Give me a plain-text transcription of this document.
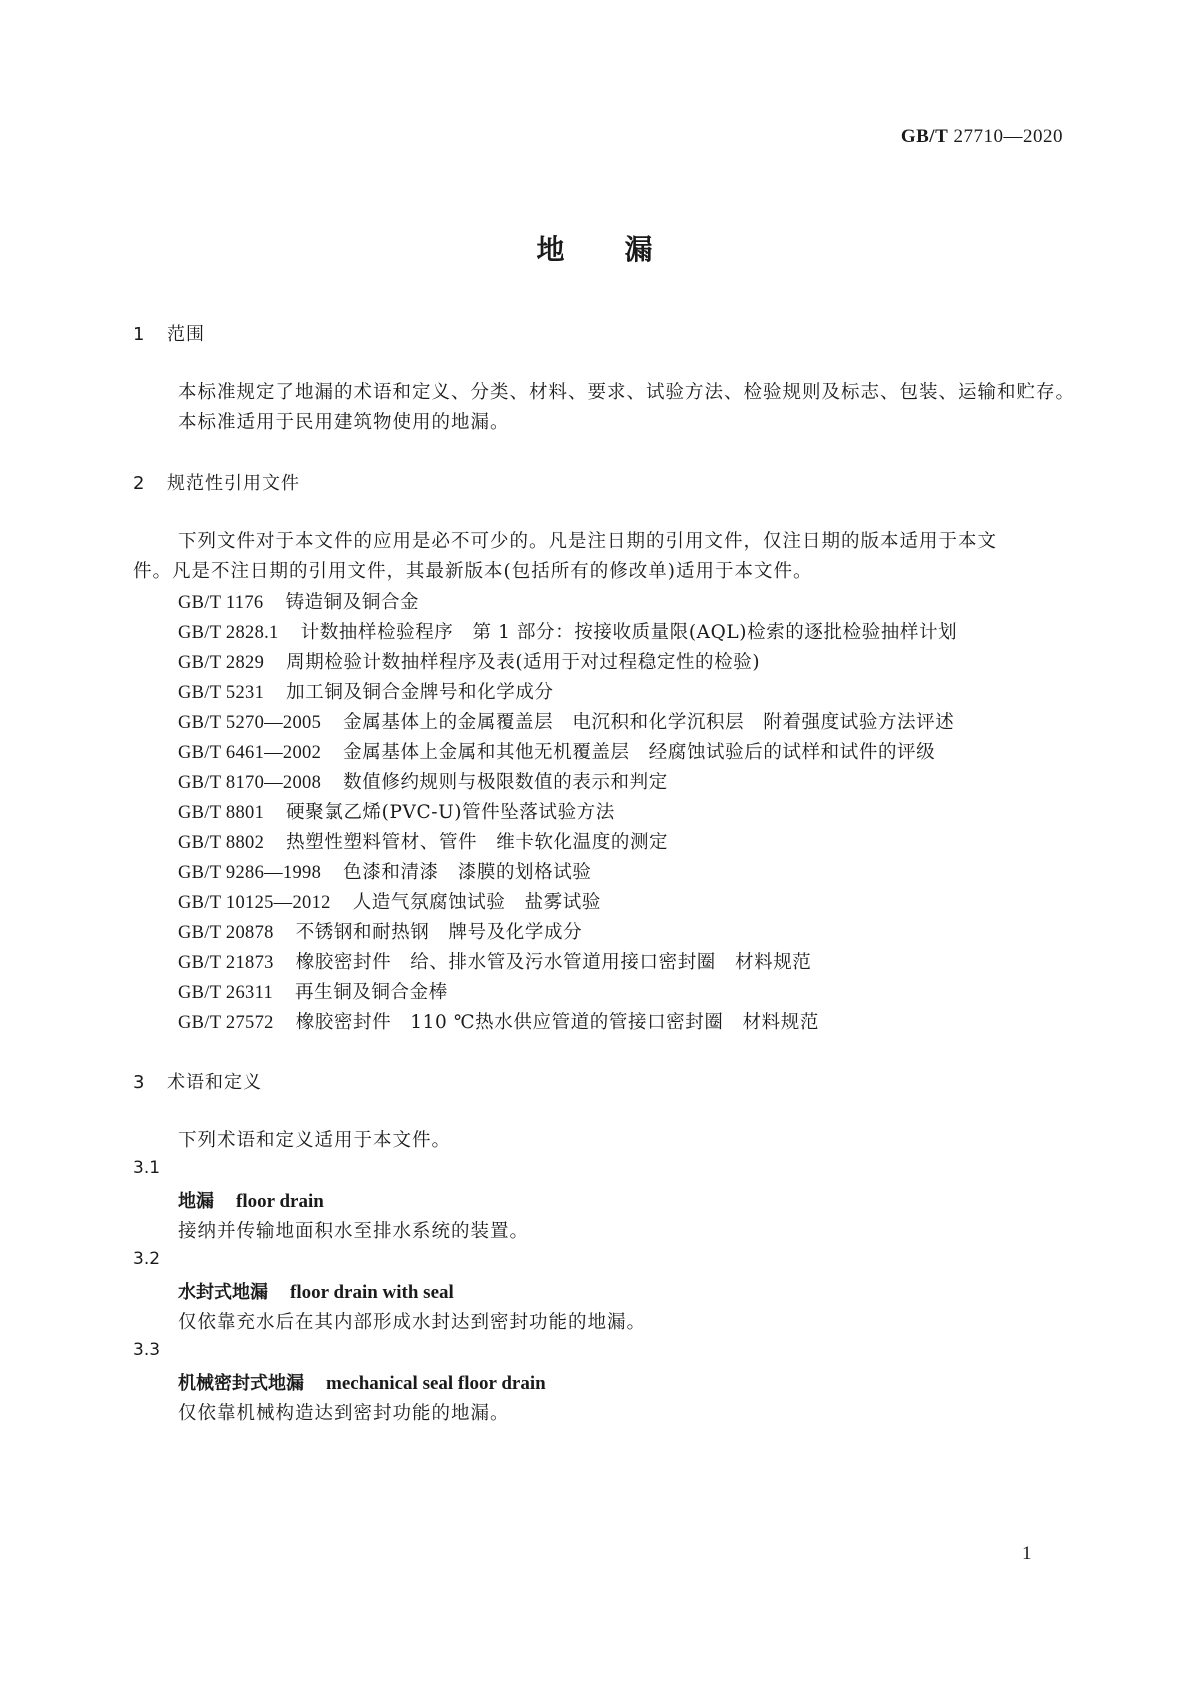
GB/T 27710—2020
地 漏
1 范围
本标准规定了地漏的术语和定义、分类、材料、要求、试验方法、检验规则及标志、包装、运输和贮存。
本标准适用于民用建筑物使用的地漏。
2 规范性引用文件
下列文件对于本文件的应用是必不可少的。凡是注日期的引用文件，仅注日期的版本适用于本文
件。凡是不注日期的引用文件，其最新版本(包括所有的修改单)适用于本文件。
GB/T 1176 铸造铜及铜合金
GB/T 2828.1 计数抽样检验程序　第 1 部分：按接收质量限(AQL)检索的逐批检验抽样计划
GB/T 2829 周期检验计数抽样程序及表(适用于对过程稳定性的检验)
GB/T 5231 加工铜及铜合金牌号和化学成分
GB/T 5270—2005 金属基体上的金属覆盖层　电沉积和化学沉积层　附着强度试验方法评述
GB/T 6461—2002 金属基体上金属和其他无机覆盖层　经腐蚀试验后的试样和试件的评级
GB/T 8170—2008 数值修约规则与极限数值的表示和判定
GB/T 8801 硬聚氯乙烯(PVC-U)管件坠落试验方法
GB/T 8802 热塑性塑料管材、管件　维卡软化温度的测定
GB/T 9286—1998 色漆和清漆　漆膜的划格试验
GB/T 10125—2012 人造气氛腐蚀试验　盐雾试验
GB/T 20878 不锈钢和耐热钢　牌号及化学成分
GB/T 21873 橡胶密封件　给、排水管及污水管道用接口密封圈　材料规范
GB/T 26311 再生铜及铜合金棒
GB/T 27572 橡胶密封件　110 ℃热水供应管道的管接口密封圈　材料规范
3 术语和定义
下列术语和定义适用于本文件。
3.1
地漏 floor drain
接纳并传输地面积水至排水系统的装置。
3.2
水封式地漏 floor drain with seal
仅依靠充水后在其内部形成水封达到密封功能的地漏。
3.3
机械密封式地漏 mechanical seal floor drain
仅依靠机械构造达到密封功能的地漏。
1
